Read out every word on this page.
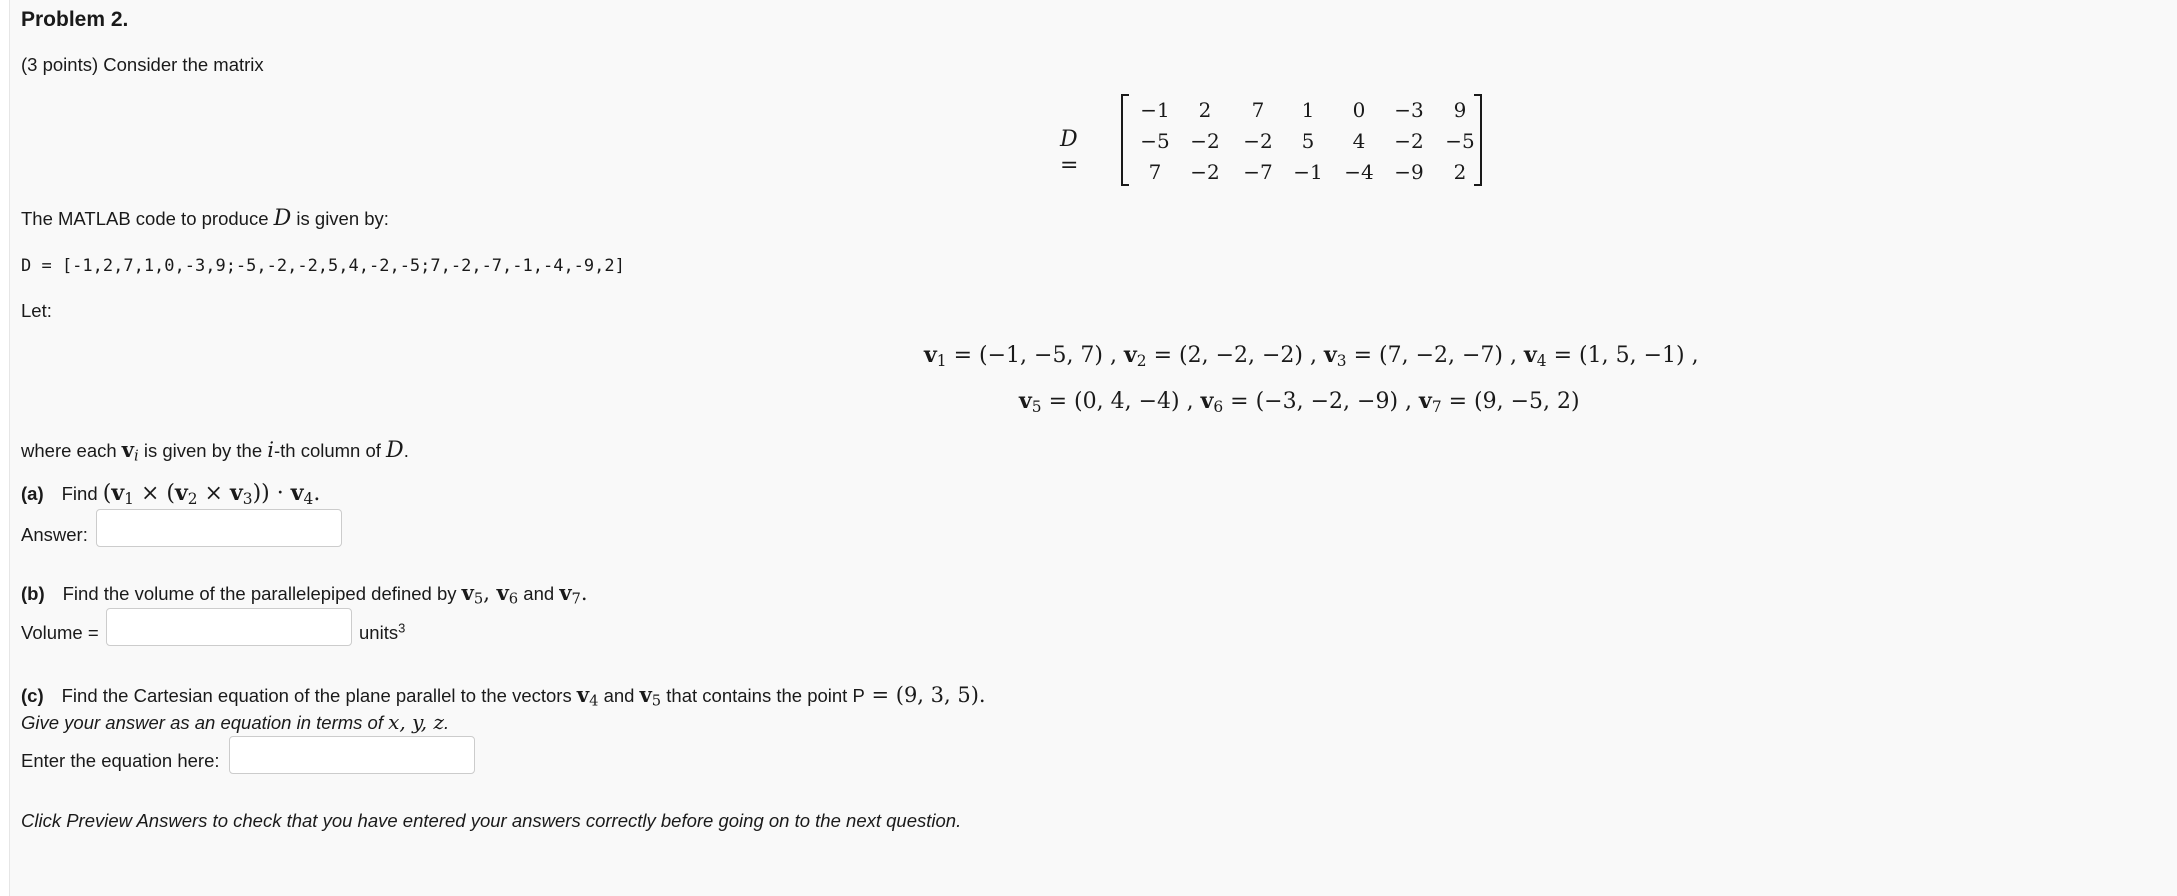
Problem 2.
(3 points) Consider the matrix
D =
−1	2	7	1	0	−3	9
−5	−2	−2	5	4	−2	−5
7	−2	−7	−1	−4	−9	2
The MATLAB code to produce D is given by:
D = [-1,2,7,1,0,-3,9;-5,-2,-2,5,4,-2,-5;7,-2,-7,-1,-4,-9,2]
Let:
$v_1 = (-1$, −5, 7) , $v_2 = (2$, −2, −2) , $v_3 = (7$, −2, −7) , $v_4 = (1$, 5, −1) ,
$v_5 = (0$, 4, −4) , $v_6 = (-3$, −2, −9) , $v_7 = (9$, −5, 2)
where each $v_i$ is given by the i-th column of D.
(a) Find $(v_1 \times (v_2 \times v_3)) \cdot v_4$.
Answer:
(b) Find the volume of the parallelepiped defined by $v_5$, $v_6$ and $v_7$.
Volume =	units$^3$
(c) Find the Cartesian equation of the plane parallel to the vectors $v_4$ and $v_5$ that contains the point P = (9, 3, 5).
Give your answer as an equation in terms of x, y, z.
Enter the equation here:
Click Preview Answers to check that you have entered your answers correctly before going on to the next question.
